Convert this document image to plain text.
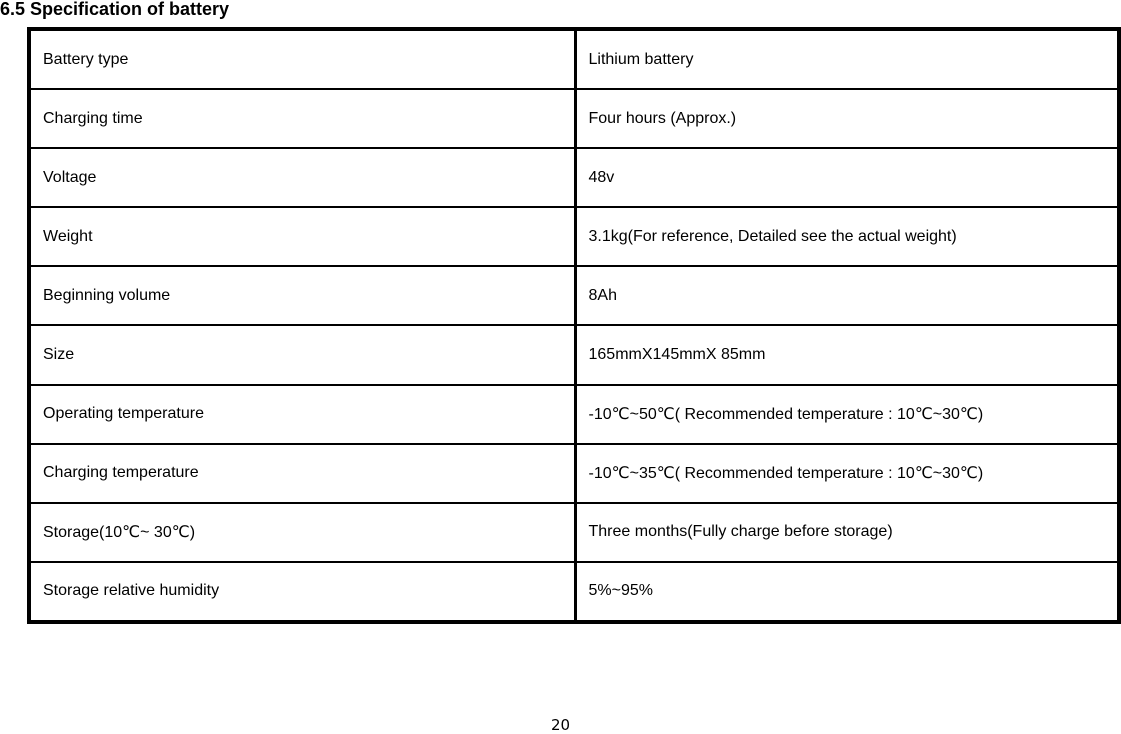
6.5 Specification of battery
Battery type	Lithium battery
Charging time	Four hours (Approx.)
Voltage	48v
Weight	3.1kg(For reference, Detailed see the actual weight)
Beginning volume	8Ah
Size	165mmX145mmX 85mm
Operating temperature	-10℃~50℃( Recommended temperature : 10℃~30℃)
Charging temperature	-10℃~35℃( Recommended temperature : 10℃~30℃)
Storage(10℃~ 30℃)	Three months(Fully charge before storage)
Storage relative humidity	5%~95%
20
